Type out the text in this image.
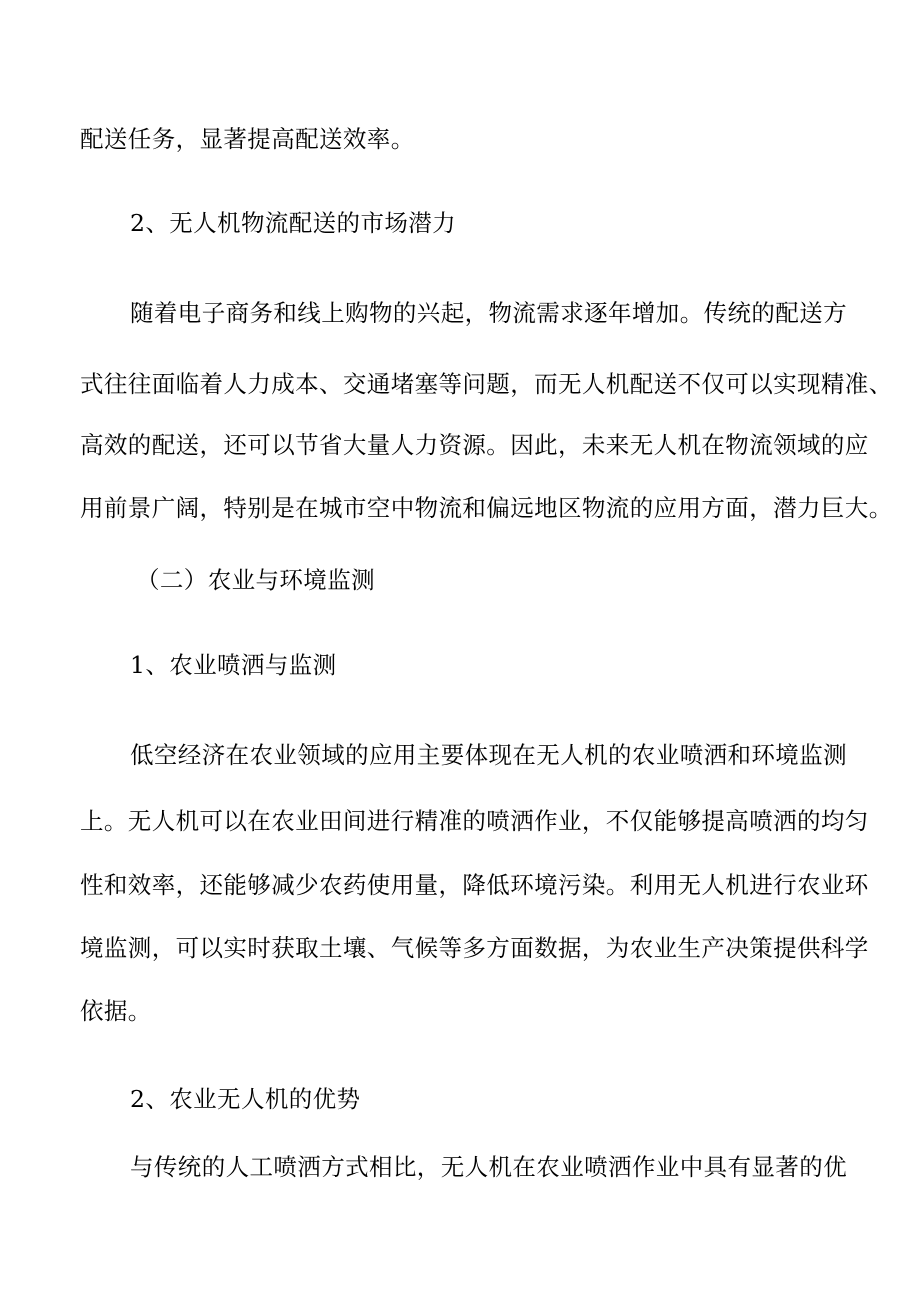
配送任务，显著提高配送效率。
2、无人机物流配送的市场潜力
随着电子商务和线上购物的兴起，物流需求逐年增加。传统的配送方
式往往面临着人力成本、交通堵塞等问题，而无人机配送不仅可以实现精准、
高效的配送，还可以节省大量人力资源。因此，未来无人机在物流领域的应
用前景广阔，特别是在城市空中物流和偏远地区物流的应用方面，潜力巨大。
（二）农业与环境监测
1、农业喷洒与监测
低空经济在农业领域的应用主要体现在无人机的农业喷洒和环境监测
上。无人机可以在农业田间进行精准的喷洒作业，不仅能够提高喷洒的均匀
性和效率，还能够减少农药使用量，降低环境污染。利用无人机进行农业环
境监测，可以实时获取土壤、气候等多方面数据，为农业生产决策提供科学
依据。
2、农业无人机的优势
与传统的人工喷洒方式相比，无人机在农业喷洒作业中具有显著的优
